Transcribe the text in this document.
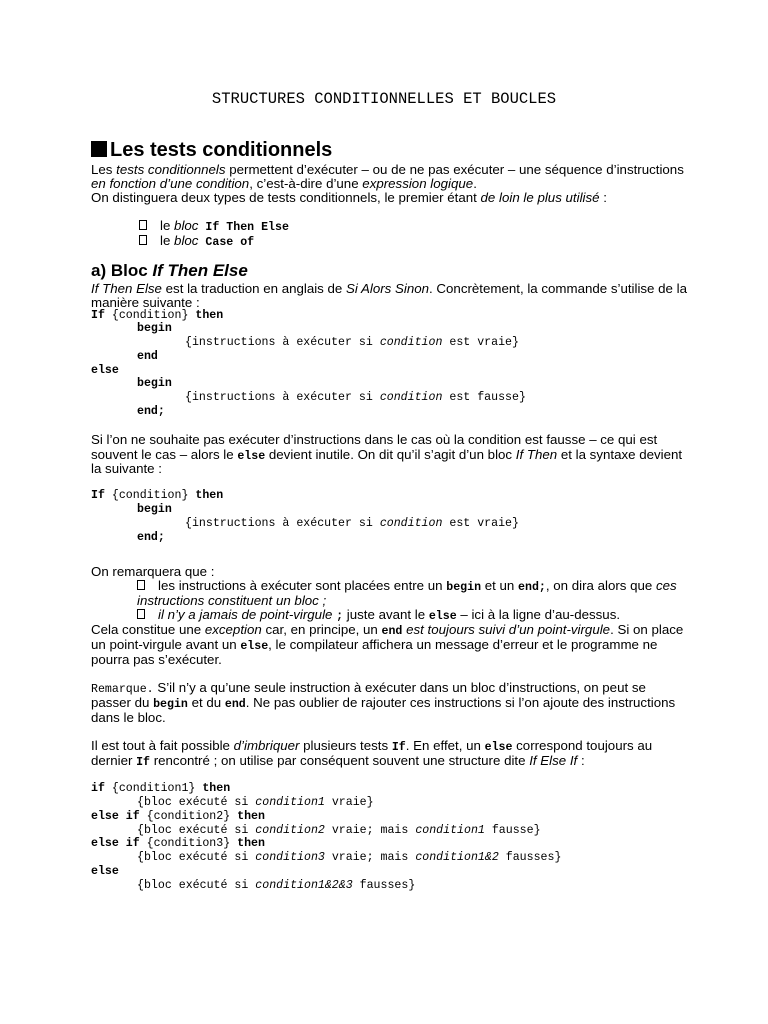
STRUCTURES CONDITIONNELLES ET BOUCLES
Les tests conditionnels
Les tests conditionnels permettent d’exécuter – ou de ne pas exécuter – une séquence d’instructions
en fonction d’une condition, c’est-à-dire d’une expression logique.
On distinguera deux types de tests conditionnels, le premier étant de loin le plus utilisé :
le bloc If Then Else
le bloc Case of
a) Bloc If Then Else
If Then Else est la traduction en anglais de Si Alors Sinon. Concrètement, la commande s’utilise de la
manière suivante :
If {condition} then
begin
{instructions à exécuter si condition est vraie}
end
else
begin
{instructions à exécuter si condition est fausse}
end;
Si l’on ne souhaite pas exécuter d’instructions dans le cas où la condition est fausse – ce qui est
souvent le cas – alors le else devient inutile. On dit qu’il s’agit d’un bloc If Then et la syntaxe devient
la suivante :
If {condition} then
begin
{instructions à exécuter si condition est vraie}
end;
On remarquera que :
les instructions à exécuter sont placées entre un begin et un end;, on dira alors que ces
instructions constituent un bloc ;
il n’y a jamais de point-virgule ; juste avant le else – ici à la ligne d’au-dessus.
Cela constitue une exception car, en principe, un end est toujours suivi d’un point-virgule. Si on place
un point-virgule avant un else, le compilateur affichera un message d’erreur et le programme ne
pourra pas s’exécuter.
Remarque. S’il n’y a qu’une seule instruction à exécuter dans un bloc d’instructions, on peut se
passer du begin et du end. Ne pas oublier de rajouter ces instructions si l’on ajoute des instructions
dans le bloc.
Il est tout à fait possible d’imbriquer plusieurs tests If. En effet, un else correspond toujours au
dernier If rencontré ; on utilise par conséquent souvent une structure dite If Else If :
if {condition1} then
{bloc exécuté si condition1 vraie}
else if {condition2} then
{bloc exécuté si condition2 vraie; mais condition1 fausse}
else if {condition3} then
{bloc exécuté si condition3 vraie; mais condition1&2 fausses}
else
{bloc exécuté si condition1&2&3 fausses}
